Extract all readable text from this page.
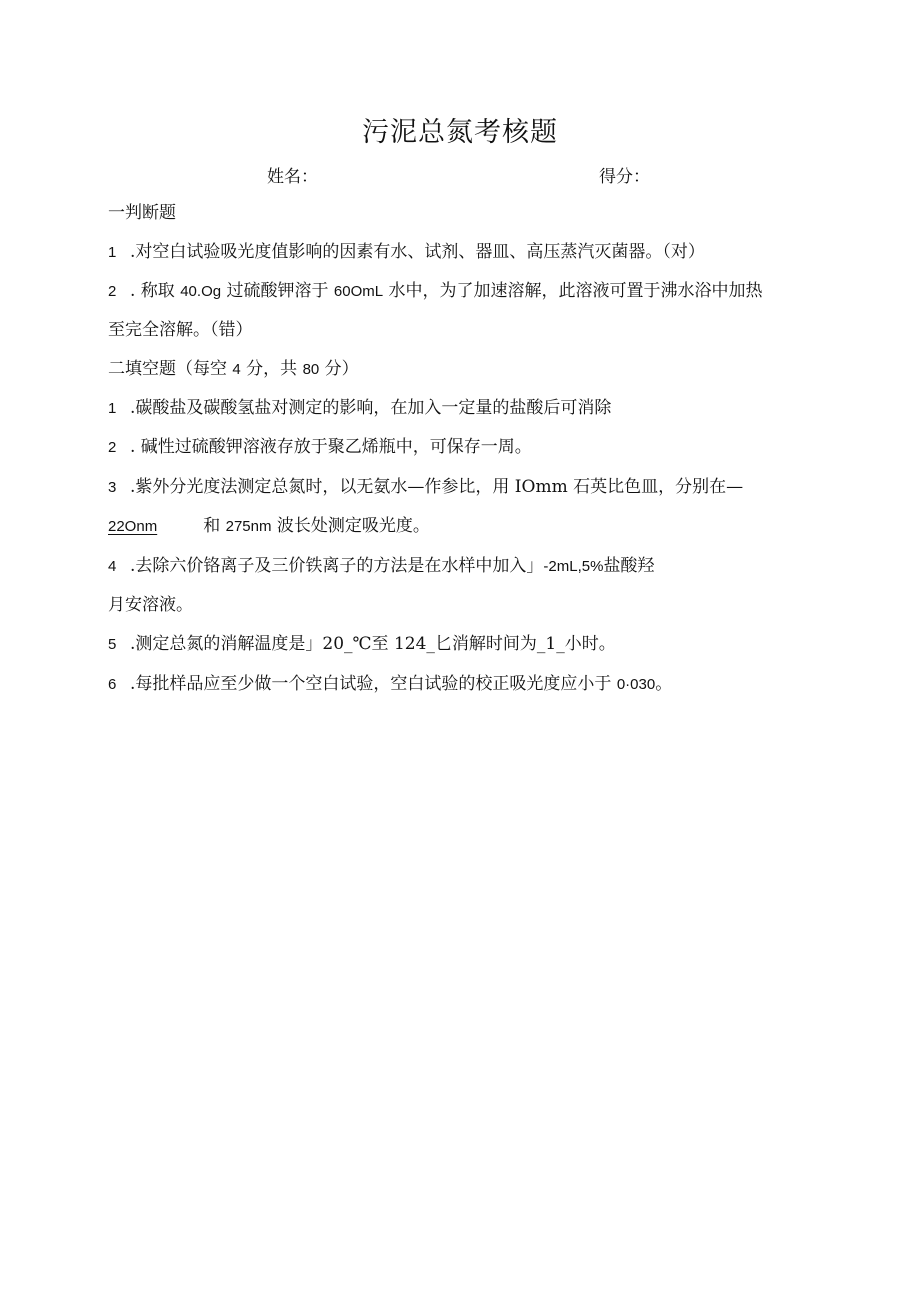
污泥总氮考核题
姓名：	得分：
一判断题
1 .对空白试验吸光度值影响的因素有水、试剂、器皿、高压蒸汽灭菌器。（对）
2 . 称取 40.Og 过硫酸钾溶于 60OmL 水中，为了加速溶解，此溶液可置于沸水浴中加热
至完全溶解。（错）
二填空题（每空 4 分，共 80 分）
1 .碳酸盐及碳酸氢盐对测定的影响，在加入一定量的盐酸后可消除
2 . 碱性过硫酸钾溶液存放于聚乙烯瓶中，可保存一周。
3 .紫外分光度法测定总氮时，以无氨水—作参比，用 IOmm 石英比色皿，分别在—
22Onm	和 275nm 波长处测定吸光度。
4 .去除六价铬离子及三价铁离子的方法是在水样中加入」-2mL,5%盐酸羟
月安溶液。
5 .测定总氮的消解温度是」20_℃至 124_匕消解时间为_1_小时。
6 .每批样品应至少做一个空白试验，空白试验的校正吸光度应小于 0·030。
